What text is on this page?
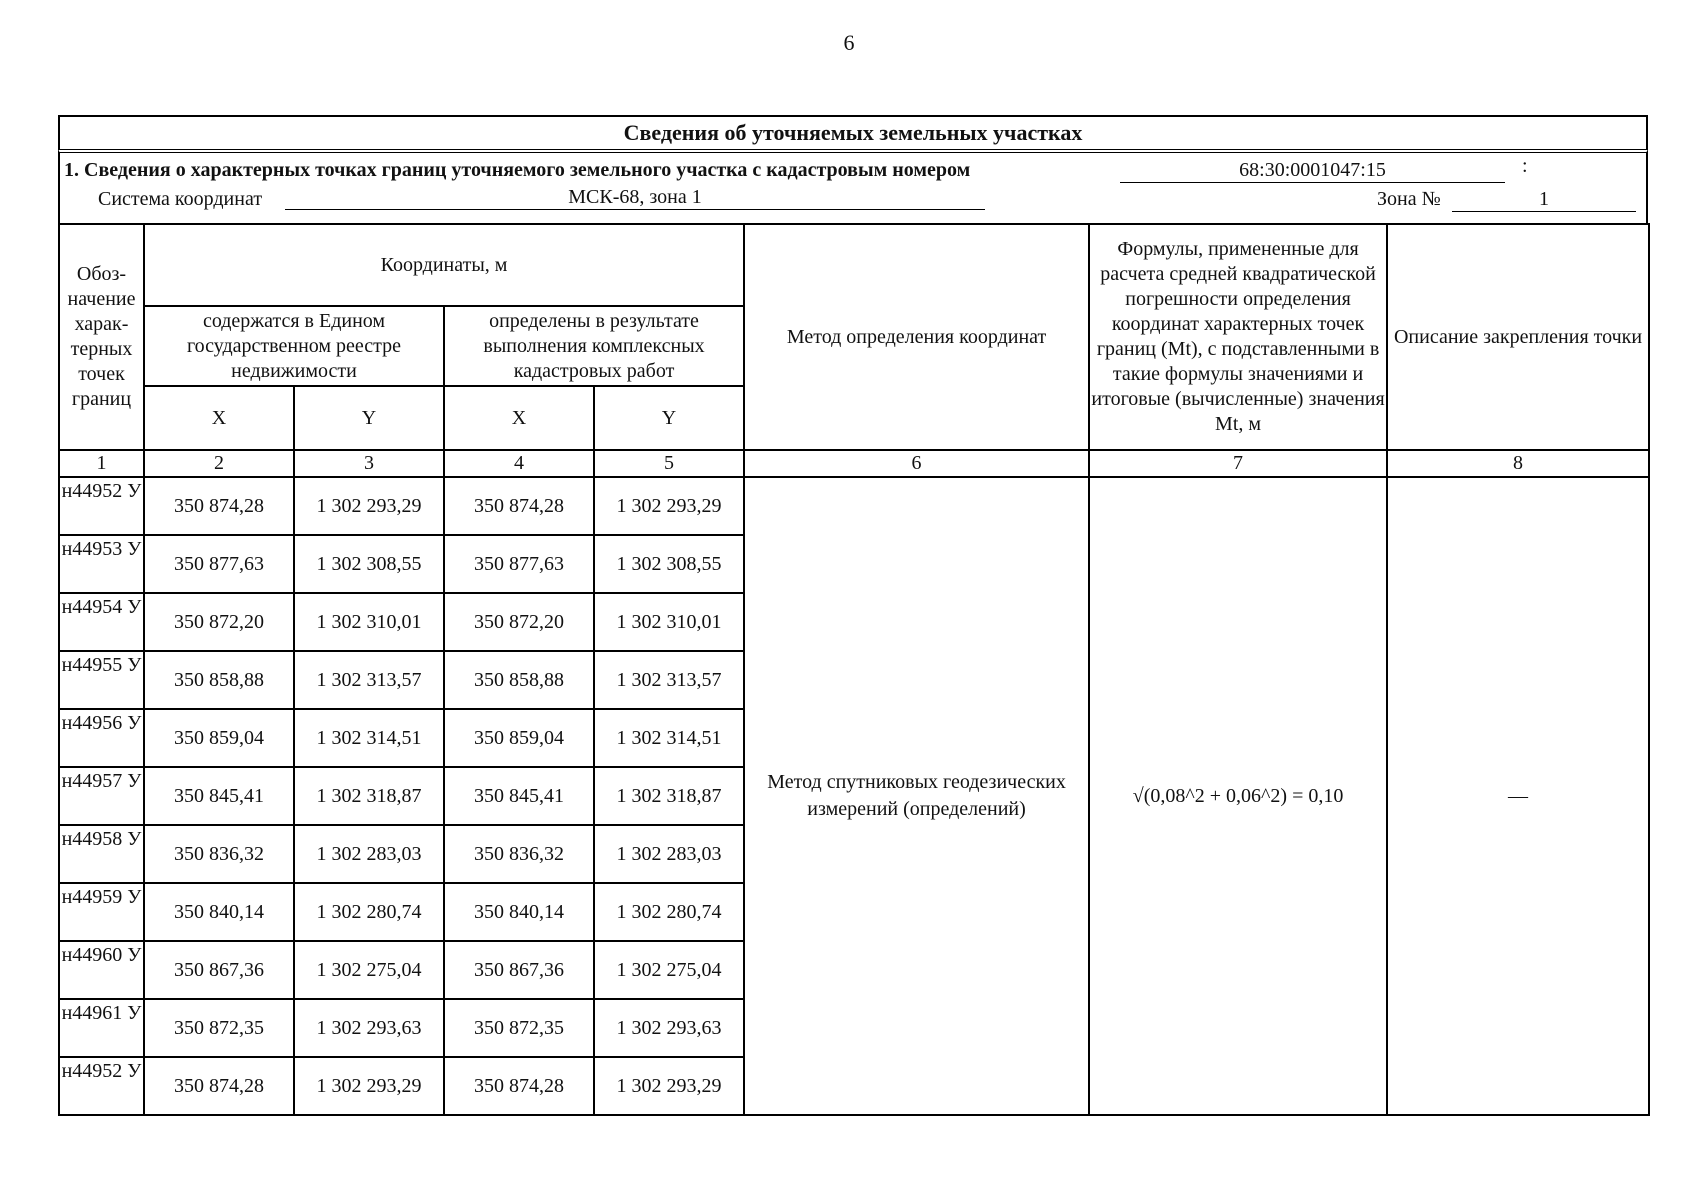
6
Сведения об уточняемых земельных участках
1. Сведения о характерных точках границ уточняемого земельного участка с кадастровым номером	68:30:0001047:15	:
Система координат	МСК-68, зона 1	Зона №	1
Обоз- начение харак- терных точек границ	Координаты, м				Метод определения координат	Формулы, примененные для расчета средней квадратической погрешности определения координат характерных точек границ (Mt), с подставленными в такие формулы значениями и итоговые (вычисленные) значения Mt, м	Описание закрепления точки
	содержатся в Едином государственном реестре недвижимости		определены в результате выполнения комплексных кадастровых работ				
	X	Y	X	Y			
1	2	3	4	5	6	7	8
н44952 У	350 874,28	1 302 293,29	350 874,28	1 302 293,29	Метод спутниковых геодезических измерений (определений)	√(0,08^2 + 0,06^2) = 0,10	—
н44953 У	350 877,63	1 302 308,55	350 877,63	1 302 308,55			
н44954 У	350 872,20	1 302 310,01	350 872,20	1 302 310,01			
н44955 У	350 858,88	1 302 313,57	350 858,88	1 302 313,57			
н44956 У	350 859,04	1 302 314,51	350 859,04	1 302 314,51			
н44957 У	350 845,41	1 302 318,87	350 845,41	1 302 318,87			
н44958 У	350 836,32	1 302 283,03	350 836,32	1 302 283,03			
н44959 У	350 840,14	1 302 280,74	350 840,14	1 302 280,74			
н44960 У	350 867,36	1 302 275,04	350 867,36	1 302 275,04			
н44961 У	350 872,35	1 302 293,63	350 872,35	1 302 293,63			
н44952 У	350 874,28	1 302 293,29	350 874,28	1 302 293,29			
